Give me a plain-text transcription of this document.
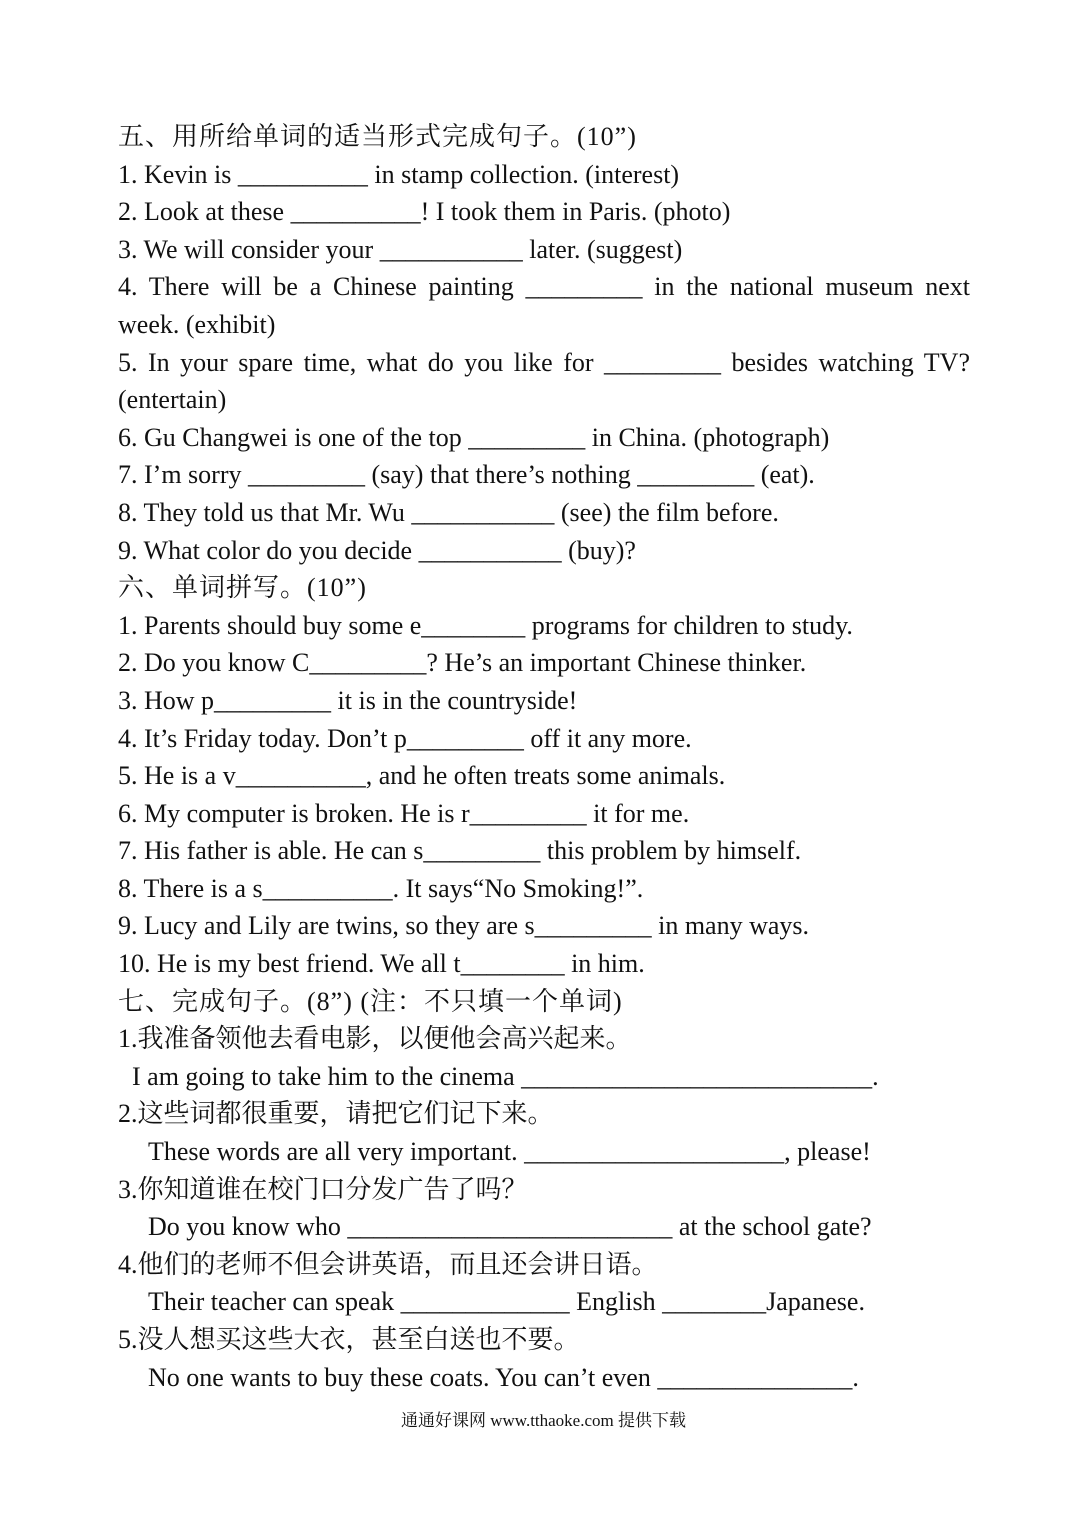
五、用所给单词的适当形式完成句子。(10”)
1. Kevin is __________ in stamp collection. (interest)
2. Look at these __________! I took them in Paris. (photo)
3. We will consider your ___________ later. (suggest)
4. There will be a Chinese painting _________ in the national museum next week. (exhibit)
5. In your spare time, what do you like for _________ besides watching TV? (entertain)
6. Gu Changwei is one of the top _________ in China. (photograph)
7. I’m sorry _________ (say) that there’s nothing _________ (eat).
8. They told us that Mr. Wu ___________ (see) the film before.
9. What color do you decide ___________ (buy)?
六、单词拼写。(10”)
1. Parents should buy some e________ programs for children to study.
2. Do you know C_________? He’s an important Chinese thinker.
3. How p_________ it is in the countryside!
4. It’s Friday today. Don’t p_________ off it any more.
5. He is a v__________, and he often treats some animals.
6. My computer is broken. He is r_________ it for me.
7. His father is able. He can s_________ this problem by himself.
8. There is a s__________. It says“No Smoking!”.
9. Lucy and Lily are twins, so they are s_________ in many ways.
10. He is my best friend. We all t________ in him.
七、完成句子。(8”) (注：不只填一个单词)
1.我准备领他去看电影，以便他会高兴起来。
I am going to take him to the cinema ___________________________.
2.这些词都很重要，请把它们记下来。
These words are all very important. ____________________, please!
3.你知道谁在校门口分发广告了吗？
Do you know who _________________________ at the school gate?
4.他们的老师不但会讲英语，而且还会讲日语。
Their teacher can speak _____________ English ________Japanese.
5.没人想买这些大衣，甚至白送也不要。
No one wants to buy these coats. You can’t even _______________.
通通好课网 www.tthaoke.com 提供下载
